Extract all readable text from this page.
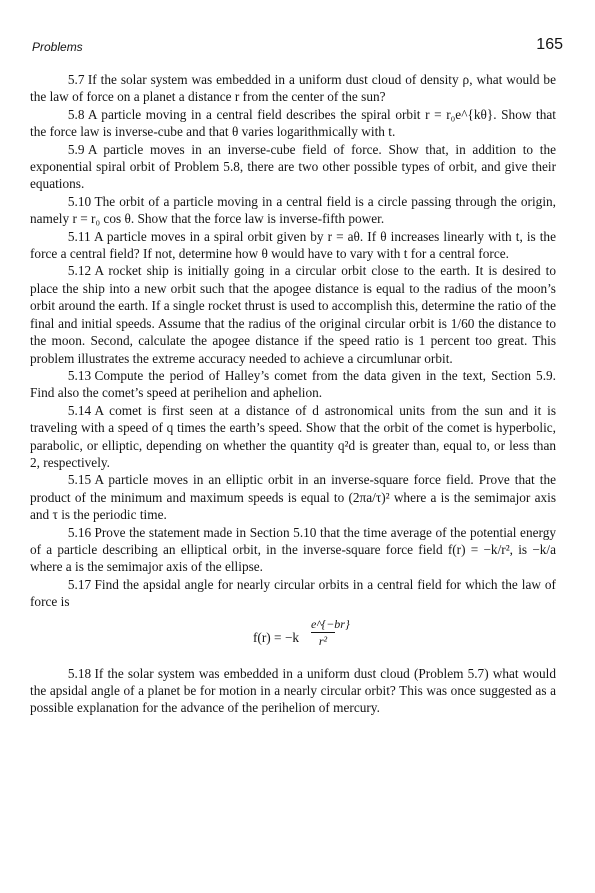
Problems	165

5.7 If the solar system was embedded in a uniform dust cloud of density ρ, what would be the law of force on a planet a distance r from the center of the sun?

5.8 A particle moving in a central field describes the spiral orbit r = r₀e^{kθ}. Show that the force law is inverse-cube and that θ varies logarithmically with t.

5.9 A particle moves in an inverse-cube field of force. Show that, in addition to the exponential spiral orbit of Problem 5.8, there are two other possible types of orbit, and give their equations.

5.10 The orbit of a particle moving in a central field is a circle passing through the origin, namely r = r₀ cos θ. Show that the force law is inverse-fifth power.

5.11 A particle moves in a spiral orbit given by r = aθ. If θ increases linearly with t, is the force a central field? If not, determine how θ would have to vary with t for a central force.

5.12 A rocket ship is initially going in a circular orbit close to the earth. It is desired to place the ship into a new orbit such that the apogee distance is equal to the radius of the moon’s orbit around the earth. If a single rocket thrust is used to accomplish this, determine the ratio of the final and initial speeds. Assume that the radius of the original circular orbit is 1/60 the distance to the moon. Second, calculate the apogee distance if the speed ratio is 1 percent too great. This problem illustrates the extreme accuracy needed to achieve a circumlunar orbit.

5.13 Compute the period of Halley’s comet from the data given in the text, Section 5.9. Find also the comet’s speed at perihelion and aphelion.

5.14 A comet is first seen at a distance of d astronomical units from the sun and it is traveling with a speed of q times the earth’s speed. Show that the orbit of the comet is hyperbolic, parabolic, or elliptic, depending on whether the quantity q²d is greater than, equal to, or less than 2, respectively.

5.15 A particle moves in an elliptic orbit in an inverse-square force field. Prove that the product of the minimum and maximum speeds is equal to (2πa/τ)² where a is the semimajor axis and τ is the periodic time.

5.16 Prove the statement made in Section 5.10 that the time average of the potential energy of a particle describing an elliptical orbit, in the inverse-square force field f(r) = −k/r², is −k/a where a is the semimajor axis of the ellipse.

5.17 Find the apsidal angle for nearly circular orbits in a central field for which the law of force is

f(r) = −k
e^{−br}
r²

5.18 If the solar system was embedded in a uniform dust cloud (Problem 5.7) what would the apsidal angle of a planet be for motion in a nearly circular orbit? This was once suggested as a possible explanation for the advance of the perihelion of mercury.
